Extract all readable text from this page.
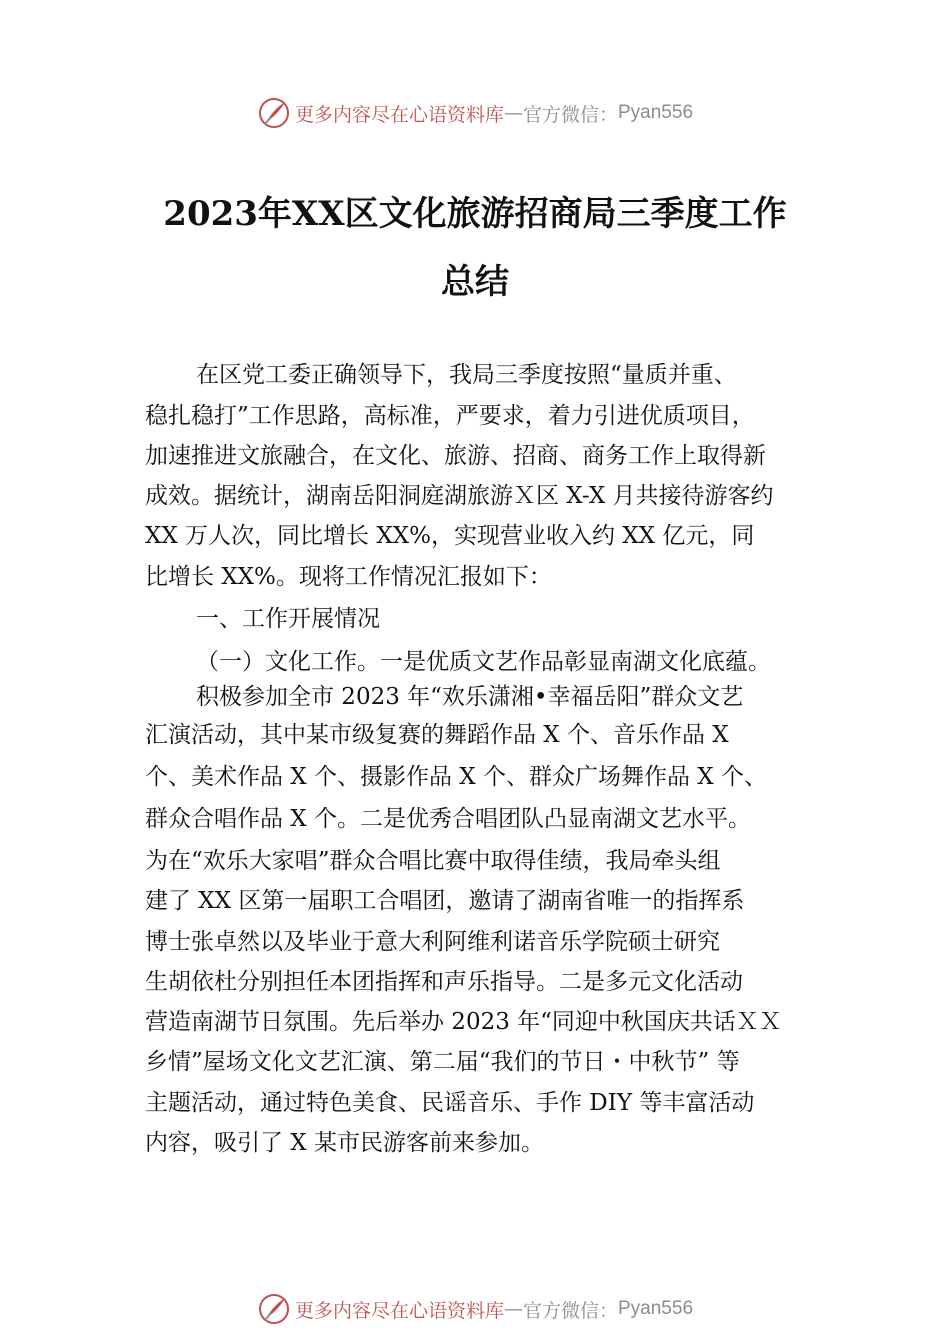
更多内容尽在心语资料库 — 官方微信： Pyan556
2023年XX区文化旅游招商局三季度工作
总结
在区党工委正确领导下，我局三季度按照“量质并重、
稳扎稳打”工作思路，高标准，严要求，着力引进优质项目，
加速推进文旅融合，在文化、旅游、招商、商务工作上取得新
成效。据统计，湖南岳阳洞庭湖旅游Ｘ区 X-X 月共接待游客约
XX 万人次，同比增长 XX%，实现营业收入约 XX 亿元，同
比增长 XX%。现将工作情况汇报如下：
一、工作开展情况
（一）文化工作。一是优质文艺作品彰显南湖文化底蕴。
积极参加全市 2023 年“欢乐潇湘•幸福岳阳”群众文艺
汇演活动，其中某市级复赛的舞蹈作品 X 个、音乐作品 X
个、美术作品 X 个、摄影作品 X 个、群众广场舞作品 X 个、
群众合唱作品 X 个。二是优秀合唱团队凸显南湖文艺水平。
为在“欢乐大家唱”群众合唱比赛中取得佳绩，我局牵头组
建了 XX 区第一届职工合唱团，邀请了湖南省唯一的指挥系
博士张卓然以及毕业于意大利阿维利诺音乐学院硕士研究
生胡依杜分别担任本团指挥和声乐指导。二是多元文化活动
营造南湖节日氛围。先后举办 2023 年“同迎中秋国庆共话ＸＸ
乡情”屋场文化文艺汇演、第二届“我们的节日・中秋节” 等
主题活动，通过特色美食、民谣音乐、手作 DIY 等丰富活动
内容，吸引了 X 某市民游客前来参加。
更多内容尽在心语资料库 — 官方微信： Pyan556
